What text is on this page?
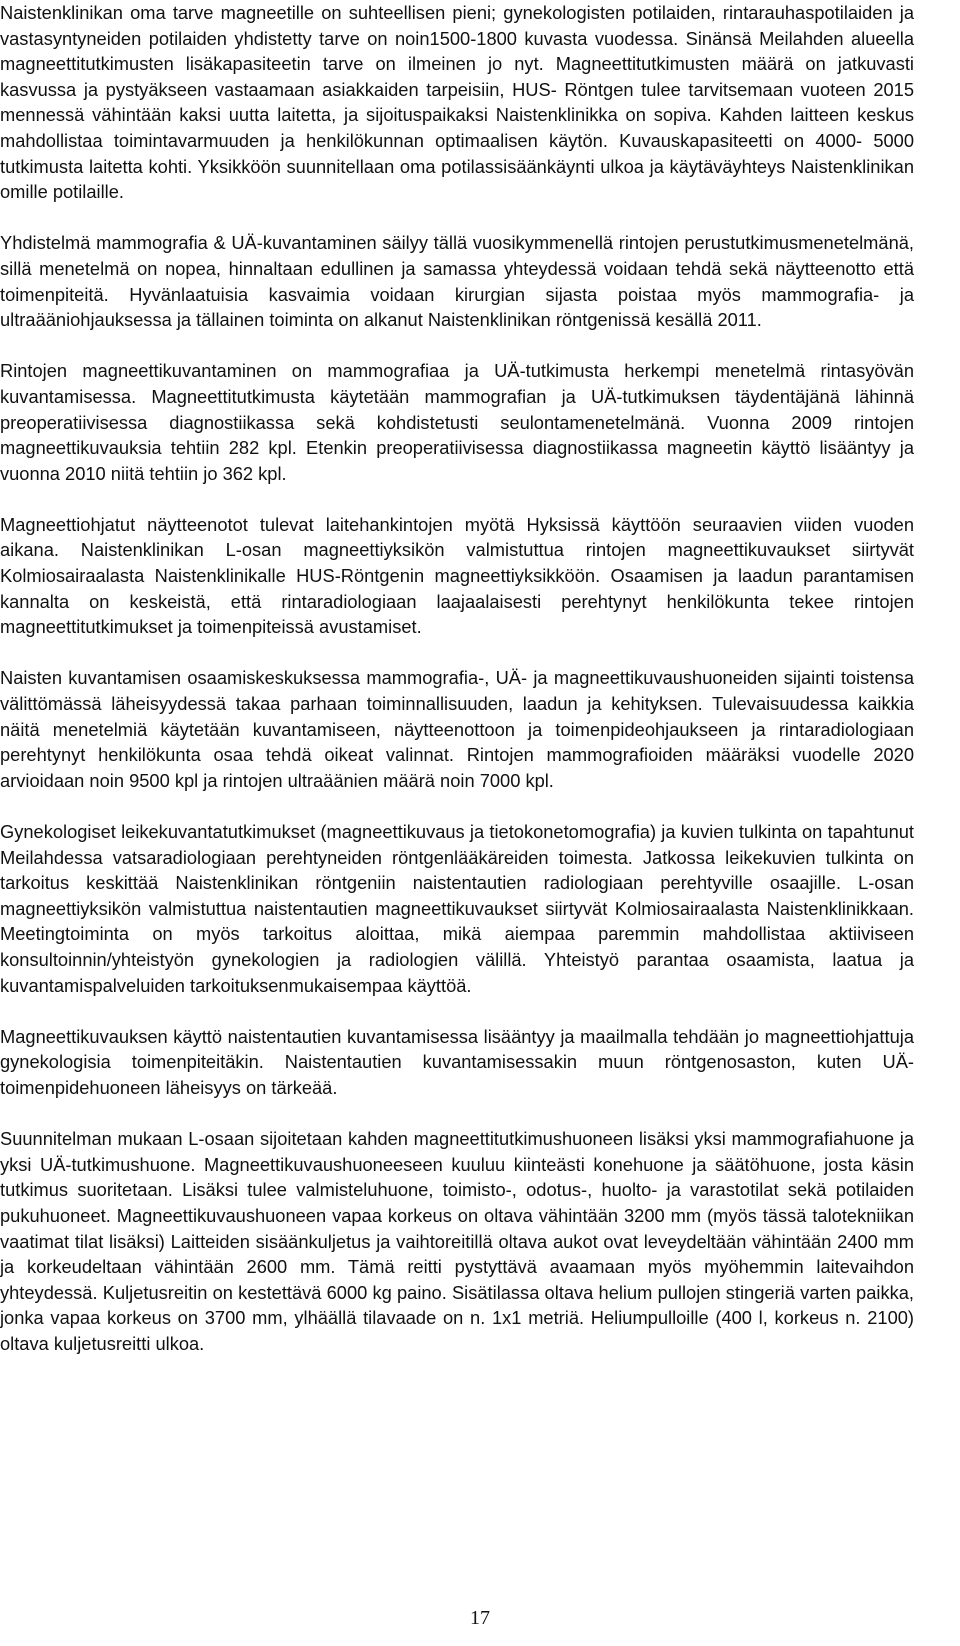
Naistenklinikan oma tarve magneetille on suhteellisen pieni; gynekologisten potilaiden, rintarauhaspotilaiden ja vastasyntyneiden potilaiden yhdistetty tarve on noin1500-1800 kuvasta vuodessa. Sinänsä Meilahden alueella magneettitutkimusten lisäkapasiteetin tarve on ilmeinen jo nyt. Magneettitutkimusten määrä on jatkuvasti kasvussa ja pystyäkseen vastaamaan asiakkaiden tarpeisiin, HUS- Röntgen tulee tarvitsemaan vuoteen 2015 mennessä vähintään kaksi uutta laitetta, ja sijoituspaikaksi Naistenklinikka on sopiva. Kahden laitteen keskus mahdollistaa toimintavarmuuden ja henkilökunnan optimaalisen käytön. Kuvauskapasiteetti on 4000- 5000 tutkimusta laitetta kohti. Yksikköön suunnitellaan oma potilassisäänkäynti ulkoa ja käytäväyhteys Naistenklinikan omille potilaille.

Yhdistelmä mammografia & UÄ-kuvantaminen säilyy tällä vuosikymmenellä rintojen perustutkimusmenetelmänä, sillä menetelmä on nopea, hinnaltaan edullinen ja samassa yhteydessä voidaan tehdä sekä näytteenotto että toimenpiteitä. Hyvänlaatuisia kasvaimia voidaan kirurgian sijasta poistaa myös mammografia- ja ultraääniohjauksessa ja tällainen toiminta on alkanut Naistenklinikan röntgenissä kesällä 2011.

Rintojen magneettikuvantaminen on mammografiaa ja UÄ-tutkimusta herkempi menetelmä rintasyövän kuvantamisessa. Magneettitutkimusta käytetään mammografian ja UÄ-tutkimuksen täydentäjänä lähinnä preoperatiivisessa diagnostiikassa sekä kohdistetusti seulontamenetelmänä. Vuonna 2009 rintojen magneettikuvauksia tehtiin 282 kpl. Etenkin preoperatiivisessa diagnostiikassa magneetin käyttö lisääntyy ja vuonna 2010 niitä tehtiin jo 362 kpl.

Magneettiohjatut näytteenotot tulevat laitehankintojen myötä Hyksissä käyttöön seuraavien viiden vuoden aikana. Naistenklinikan L-osan magneettiyksikön valmistuttua rintojen magneettikuvaukset siirtyvät Kolmiosairaalasta Naistenklinikalle HUS-Röntgenin magneettiyksikköön. Osaamisen ja laadun parantamisen kannalta on keskeistä, että rintaradiologiaan laajaalaisesti perehtynyt henkilökunta tekee rintojen magneettitutkimukset ja toimenpiteissä avustamiset.

Naisten kuvantamisen osaamiskeskuksessa mammografia-, UÄ- ja magneettikuvaushuoneiden sijainti toistensa välittömässä läheisyydessä takaa parhaan toiminnallisuuden, laadun ja kehityksen. Tulevaisuudessa kaikkia näitä menetelmiä käytetään kuvantamiseen, näytteenottoon ja toimenpideohjaukseen ja rintaradiologiaan perehtynyt henkilökunta osaa tehdä oikeat valinnat. Rintojen mammografioiden määräksi vuodelle 2020 arvioidaan noin 9500 kpl ja rintojen ultraäänien määrä noin 7000 kpl.

Gynekologiset leikekuvantatutkimukset (magneettikuvaus ja tietokonetomografia) ja kuvien tulkinta on tapahtunut Meilahdessa vatsaradiologiaan perehtyneiden röntgenlääkäreiden toimesta. Jatkossa leikekuvien tulkinta on tarkoitus keskittää Naistenklinikan röntgeniin naistentautien radiologiaan perehtyville osaajille. L-osan magneettiyksikön valmistuttua naistentautien magneettikuvaukset siirtyvät Kolmiosairaalasta Naistenklinikkaan. Meetingtoiminta on myös tarkoitus aloittaa, mikä aiempaa paremmin mahdollistaa aktiiviseen konsultoinnin/yhteistyön gynekologien ja radiologien välillä. Yhteistyö parantaa osaamista, laatua ja kuvantamispalveluiden tarkoituksenmukaisempaa käyttöä.

Magneettikuvauksen käyttö naistentautien kuvantamisessa lisääntyy ja maailmalla tehdään jo magneettiohjattuja gynekologisia toimenpiteitäkin. Naistentautien kuvantamisessakin muun röntgenosaston, kuten UÄ- toimenpidehuoneen läheisyys on tärkeää.

Suunnitelman mukaan L-osaan sijoitetaan kahden magneettitutkimushuoneen lisäksi yksi mammografiahuone ja yksi UÄ-tutkimushuone. Magneettikuvaushuoneeseen kuuluu kiinteästi konehuone ja säätöhuone, josta käsin tutkimus suoritetaan. Lisäksi tulee valmisteluhuone, toimisto-, odotus-, huolto- ja varastotilat sekä potilaiden pukuhuoneet. Magneettikuvaushuoneen vapaa korkeus on oltava vähintään 3200 mm (myös tässä talotekniikan vaatimat tilat lisäksi) Laitteiden sisäänkuljetus ja vaihtoreitillä oltava aukot ovat leveydeltään vähintään 2400 mm ja korkeudeltaan vähintään 2600 mm. Tämä reitti pystyttävä avaamaan myös myöhemmin laitevaihdon yhteydessä. Kuljetusreitin on kestettävä 6000 kg paino. Sisätilassa oltava helium pullojen stingeriä varten paikka, jonka vapaa korkeus on 3700 mm, ylhäällä tilavaade on n. 1x1 metriä. Heliumpullo​ille (400 l, korkeus n. 2100) oltava kuljetusreitti ulkoa.

17
